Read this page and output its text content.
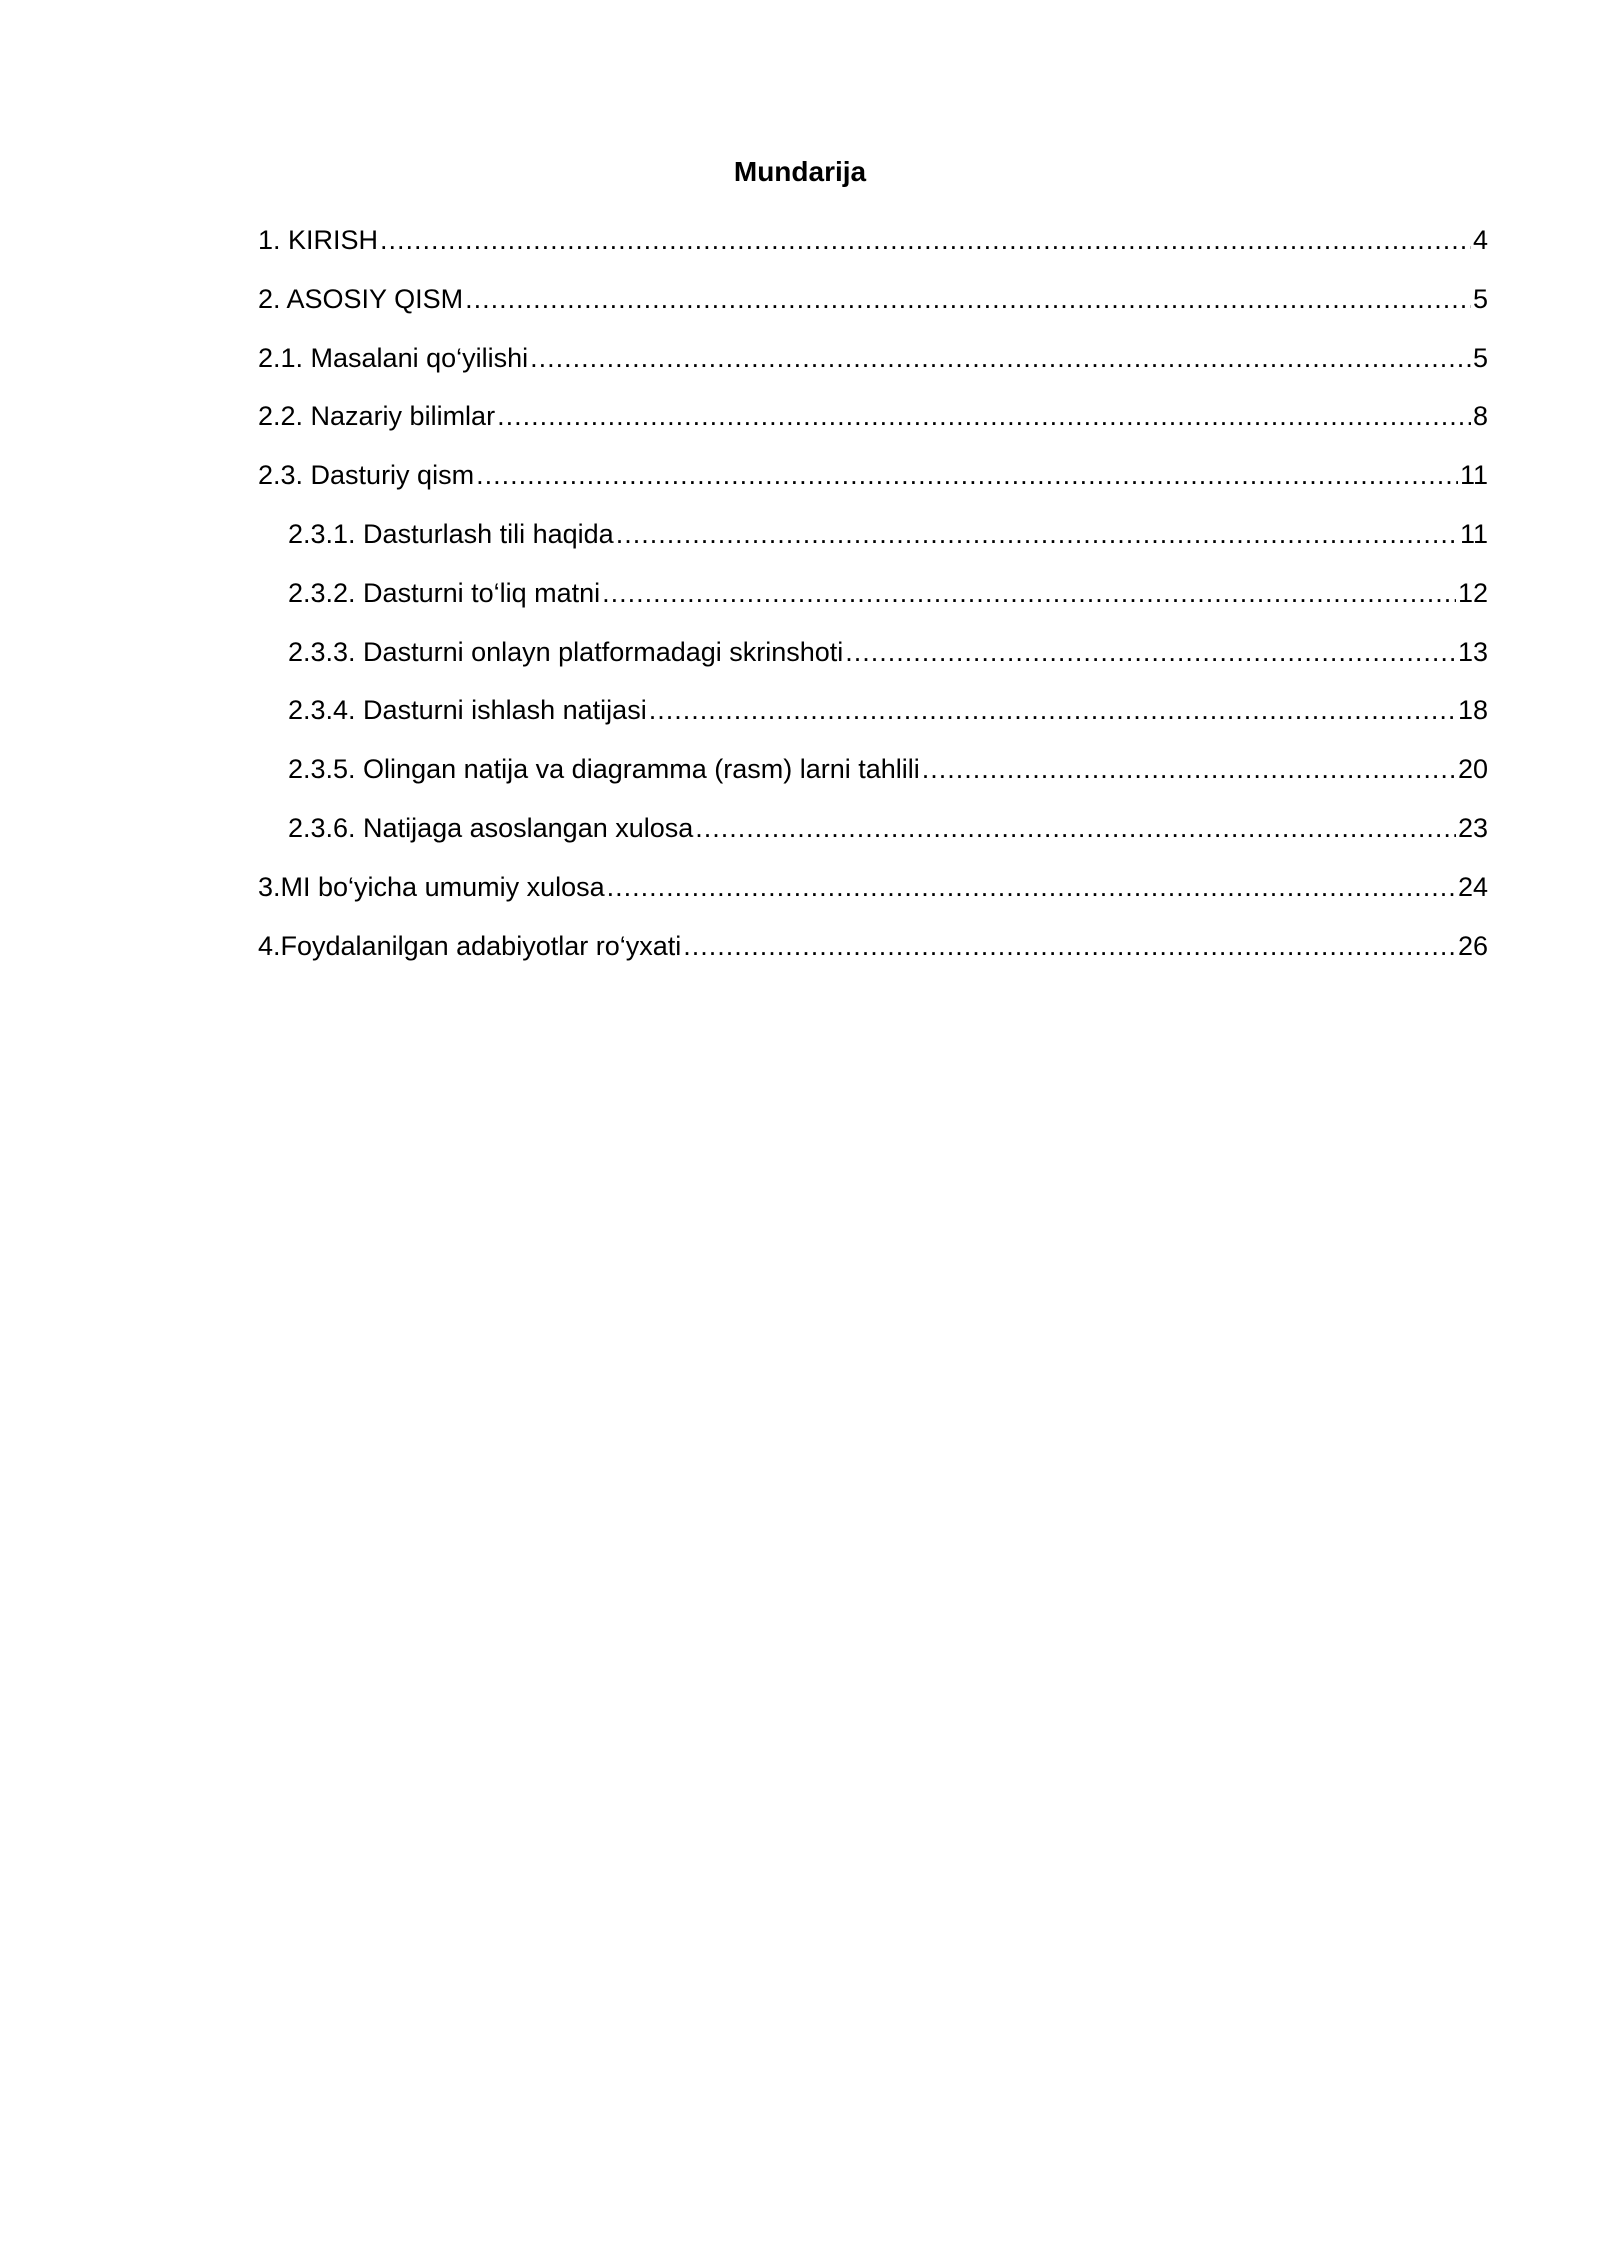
Mundarija
1. KIRISH .....	4
2. ASOSIY QISM .....	5
2.1. Masalani qo‘yilishi .....	5
2.2. Nazariy bilimlar .....	8
2.3. Dasturiy qism .....	11
2.3.1. Dasturlash tili haqida .....	11
2.3.2. Dasturni to‘liq matni .....	12
2.3.3. Dasturni onlayn platformadagi skrinshoti .....	13
2.3.4. Dasturni ishlash natijasi .....	18
2.3.5. Olingan natija va diagramma (rasm) larni tahlili .....	20
2.3.6. Natijaga asoslangan xulosa .....	23
3.MI bo‘yicha umumiy xulosa .....	24
4.Foydalanilgan adabiyotlar ro‘yxati .....	26
